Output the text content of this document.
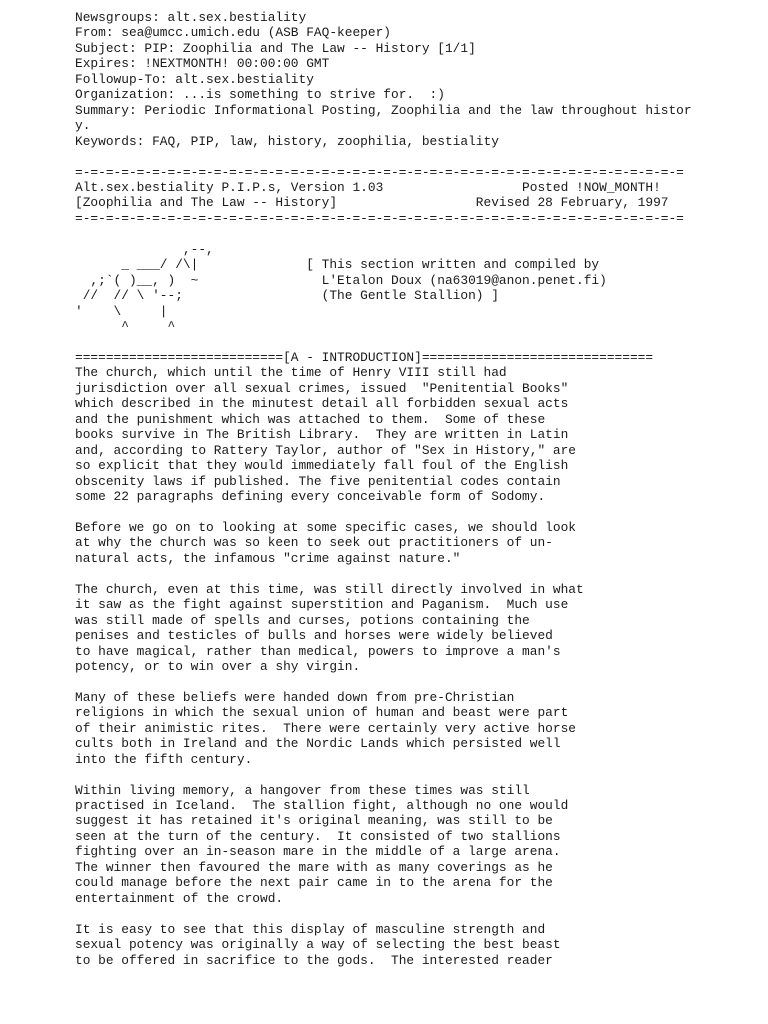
Newsgroups: alt.sex.bestiality
From: sea@umcc.umich.edu (ASB FAQ-keeper)
Subject: PIP: Zoophilia and The Law -- History [1/1]
Expires: !NEXTMONTH! 00:00:00 GMT
Followup-To: alt.sex.bestiality
Organization: ...is something to strive for.  :)
Summary: Periodic Informational Posting, Zoophilia and the law throughout histor
y.
Keywords: FAQ, PIP, law, history, zoophilia, bestiality

=-=-=-=-=-=-=-=-=-=-=-=-=-=-=-=-=-=-=-=-=-=-=-=-=-=-=-=-=-=-=-=-=-=-=-=-=-=-=-=
Alt.sex.bestiality P.I.P.s, Version 1.03                  Posted !NOW_MONTH!
[Zoophilia and The Law -- History]                  Revised 28 February, 1997
=-=-=-=-=-=-=-=-=-=-=-=-=-=-=-=-=-=-=-=-=-=-=-=-=-=-=-=-=-=-=-=-=-=-=-=-=-=-=-=

,--,
_ ___/ /\|              [ This section written and compiled by
,;`( )__, )  ~                L'Etalon Doux (na63019@anon.penet.fi)
//  // \ '--;                  (The Gentle Stallion) ]
'    \     |
^     ^
===========================[A - INTRODUCTION]==============================
The church, which until the time of Henry VIII still had
jurisdiction over all sexual crimes, issued  "Penitential Books"
which described in the minutest detail all forbidden sexual acts
and the punishment which was attached to them.  Some of these
books survive in The British Library.  They are written in Latin
and, according to Rattery Taylor, author of "Sex in History," are
so explicit that they would immediately fall foul of the English
obscenity laws if published. The five penitential codes contain
some 22 paragraphs defining every conceivable form of Sodomy.
Before we go on to looking at some specific cases, we should look
at why the church was so keen to seek out practitioners of un-
natural acts, the infamous "crime against nature."
The church, even at this time, was still directly involved in what
it saw as the fight against superstition and Paganism.  Much use
was still made of spells and curses, potions containing the
penises and testicles of bulls and horses were widely believed
to have magical, rather than medical, powers to improve a man's
potency, or to win over a shy virgin.
Many of these beliefs were handed down from pre-Christian
religions in which the sexual union of human and beast were part
of their animistic rites.  There were certainly very active horse
cults both in Ireland and the Nordic Lands which persisted well
into the fifth century.
Within living memory, a hangover from these times was still
practised in Iceland.  The stallion fight, although no one would
suggest it has retained it's original meaning, was still to be
seen at the turn of the century.  It consisted of two stallions
fighting over an in-season mare in the middle of a large arena.
The winner then favoured the mare with as many coverings as he
could manage before the next pair came in to the arena for the
entertainment of the crowd.
It is easy to see that this display of masculine strength and
sexual potency was originally a way of selecting the best beast
to be offered in sacrifice to the gods.  The interested reader
